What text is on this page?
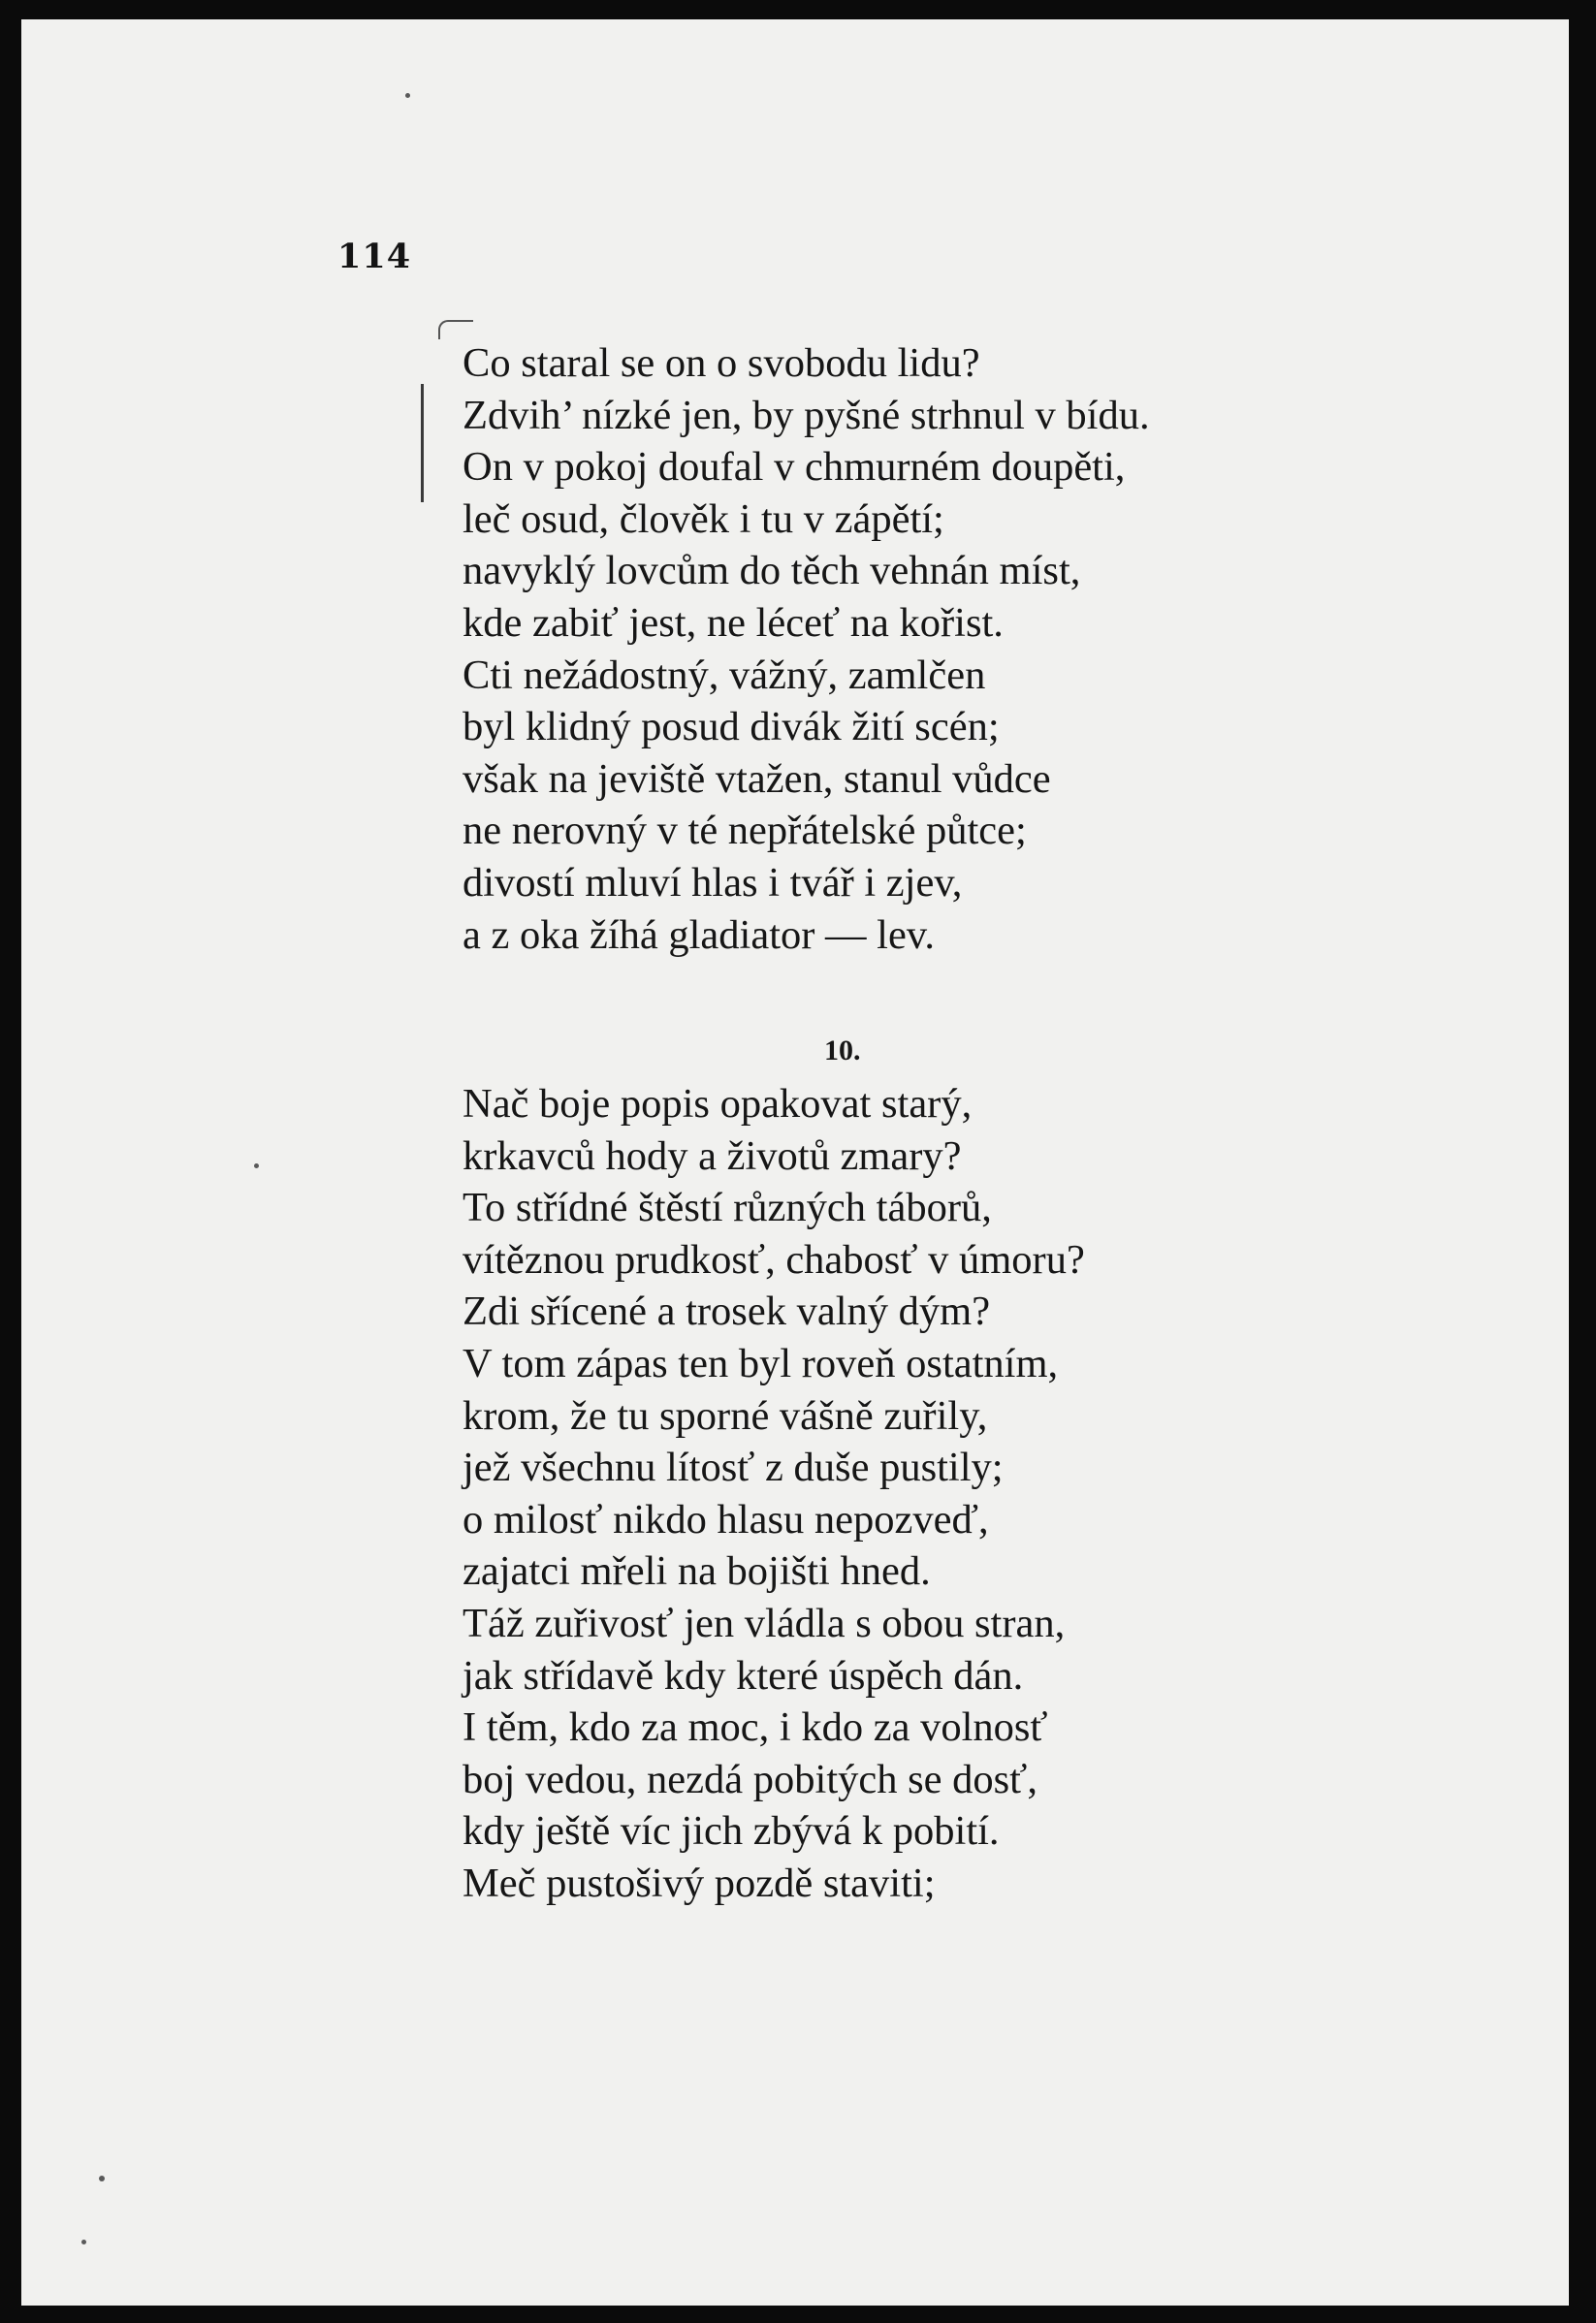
114
Co staral se on o svobodu lidu?
Zdvih’ nízké jen, by pyšné strhnul v bídu.
On v pokoj doufal v chmurném doupěti,
leč osud, člověk i tu v zápětí;
navyklý lovcům do těch vehnán míst,
kde zabiť jest, ne léceť na kořist.
Cti nežádostný, vážný, zamlčen
byl klidný posud divák žití scén;
však na jeviště vtažen, stanul vůdce
ne nerovný v té nepřátelské půtce;
divostí mluví hlas i tvář i zjev,
a z oka žíhá gladiator — lev.
10.
Nač boje popis opakovat starý,
krkavců hody a životů zmary?
To střídné štěstí různých táborů,
vítěznou prudkosť, chabosť v úmoru?
Zdi sřícené a trosek valný dým?
V tom zápas ten byl roveň ostatním,
krom, že tu sporné vášně zuřily,
jež všechnu lítosť z duše pustily;
o milosť nikdo hlasu nepozveď,
zajatci mřeli na bojišti hned.
Táž zuřivosť jen vládla s obou stran,
jak střídavě kdy které úspěch dán.
I těm, kdo za moc, i kdo za volnosť
boj vedou, nezdá pobitých se dosť,
kdy ještě víc jich zbývá k pobití.
Meč pustošivý pozdě staviti;
